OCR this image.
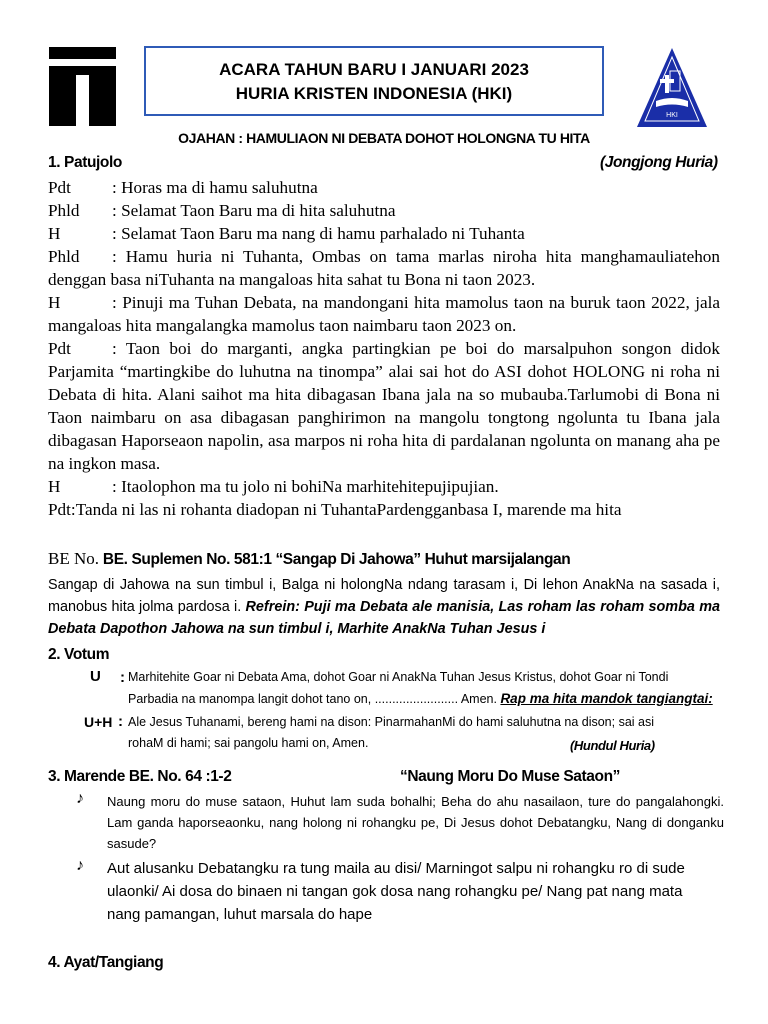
ACARA TAHUN BARU I JANUARI 2023
HURIA KRISTEN INDONESIA (HKI)
HKI
OJAHAN : HAMULIAON NI DEBATA DOHOT HOLONGNA TU HITA
1. Patujolo	(Jongjong Huria)
Pdt : Horas ma di hamu saluhutna
Phld : Selamat Taon Baru ma di hita saluhutna
H	: Selamat Taon Baru ma nang di hamu parhalado ni Tuhanta
Phld : Hamu huria ni Tuhanta, Ombas on tama marlas niroha hita manghamauliatehon denggan basa niTuhanta na mangaloas hita sahat tu Bona ni taon 2023.
H	: Pinuji ma Tuhan Debata, na mandongani hita mamolus taon na buruk taon 2022, jala mangaloas hita mangalangka mamolus taon naimbaru taon 2023 on.
Pdt : Taon boi do marganti, angka partingkian pe boi do marsalpuhon songon didok Parjamita “martingkibe do luhutna na tinompa” alai sai hot do ASI dohot HOLONG ni roha ni Debata di hita. Alani saihot ma hita dibagasan Ibana jala na so mubauba.Tarlumobi di Bona ni Taon naimbaru on asa dibagasan panghirimon na mangolu tongtong ngolunta tu Ibana jala dibagasan Haporseaon napolin, asa marpos ni roha hita di pardalanan ngolunta on manang aha pe na ingkon masa.
H	: Itaolophon ma tu jolo ni bohiNa marhitehitepujipujian.
Pdt:Tanda ni las ni rohanta diadopan ni TuhantaPardengganbasa I, marende ma hita
BE No. BE. Suplemen No. 581:1 “Sangap Di Jahowa” Huhut marsijalangan
Sangap di Jahowa na sun timbul i, Balga ni holongNa ndang tarasam i, Di lehon AnakNa na sasada i, manobus hita jolma pardosa i. Refrein: Puji ma Debata ale manisia, Las roham las roham somba ma Debata Dapothon Jahowa na sun timbul i, Marhite AnakNa Tuhan Jesus i
2. Votum
U : Marhitehite Goar ni Debata Ama, dohot Goar ni AnakNa Tuhan Jesus Kristus, dohot Goar ni Tondi
Parbadia na manompa langit dohot tano on, ........................ Amen. Rap ma hita mandok tangiangtai:
U+H : Ale Jesus Tuhanami, bereng hami na dison: PinarmahanMi do hami saluhutna na dison; sai asi
rohaM di hami; sai pangolu hami on, Amen.	(Hundul Huria)
3. Marende BE. No. 64 :1-2	“Naung Moru Do Muse Sataon”
♪ Naung moru do muse sataon, Huhut lam suda bohalhi; Beha do ahu nasailaon, ture do pangalahongki. Lam ganda haporseaonku, nang holong ni rohangku pe, Di Jesus dohot Debatangku, Nang di donganku sasude?
♪ Aut alusanku Debatangku ra tung maila au disi/ Marningot salpu ni rohangku ro di sude ulaonki/ Ai dosa do binaen ni tangan gok dosa nang rohangku pe/ Nang pat nang mata nang pamangan, luhut marsala do hape
4. Ayat/Tangiang
